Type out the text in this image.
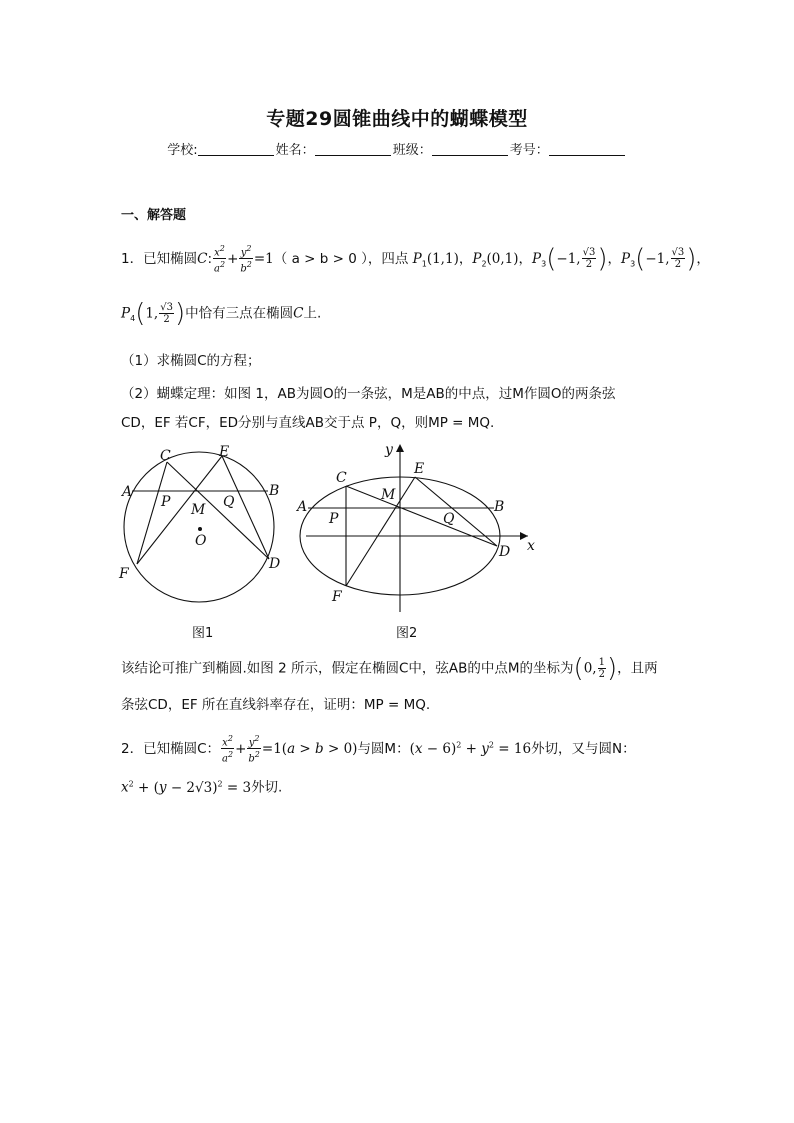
专题29圆锥曲线中的蝴蝶模型
学校:	姓名：	班级：	考号：
一、解答题
1．已知椭圆C: $\frac{x^2}{a^2} + \frac{y^2}{b^2} =1$（ a > b > 0 ），四点 $P_1(1,1)$，$P_2(0,1)$，$P_3(-1$, $\frac{√3}{2}$ )，$P_3(-1$, $\frac{√3}{2}$ )，
$P_4(1$, $\frac{√3}{2}$ )中恰有三点在椭圆C上.
（1）求椭圆C的方程；
（2）蝴蝶定理：如图 1，AB为圆O的一条弦，M是AB的中点，过M作圆O的两条弦
CD，EF 若CF，ED分别与直线AB交于点 P，Q，则MP = MQ.
C	E
A	B
P	Q
M
O
F
D
y
x
C
E
M
A	B
P	Q
D
F
图1	图2
该结论可推广到椭圆.如图 2 所示，假定在椭圆C中，弦AB的中点M的坐标为(0, $\frac{1}{2}$ )，且两
条弦CD，EF 所在直线斜率存在，证明：MP = MQ.
2．已知椭圆C： $\frac{x^2}{a^2} + \frac{y^2}{b^2} =1(a > b > 0)$与圆M：$(x - 6)^2 + y^2 = 16$外切，又与圆N：
$x^2 + (y - 2√3)^2 = 3$外切.
